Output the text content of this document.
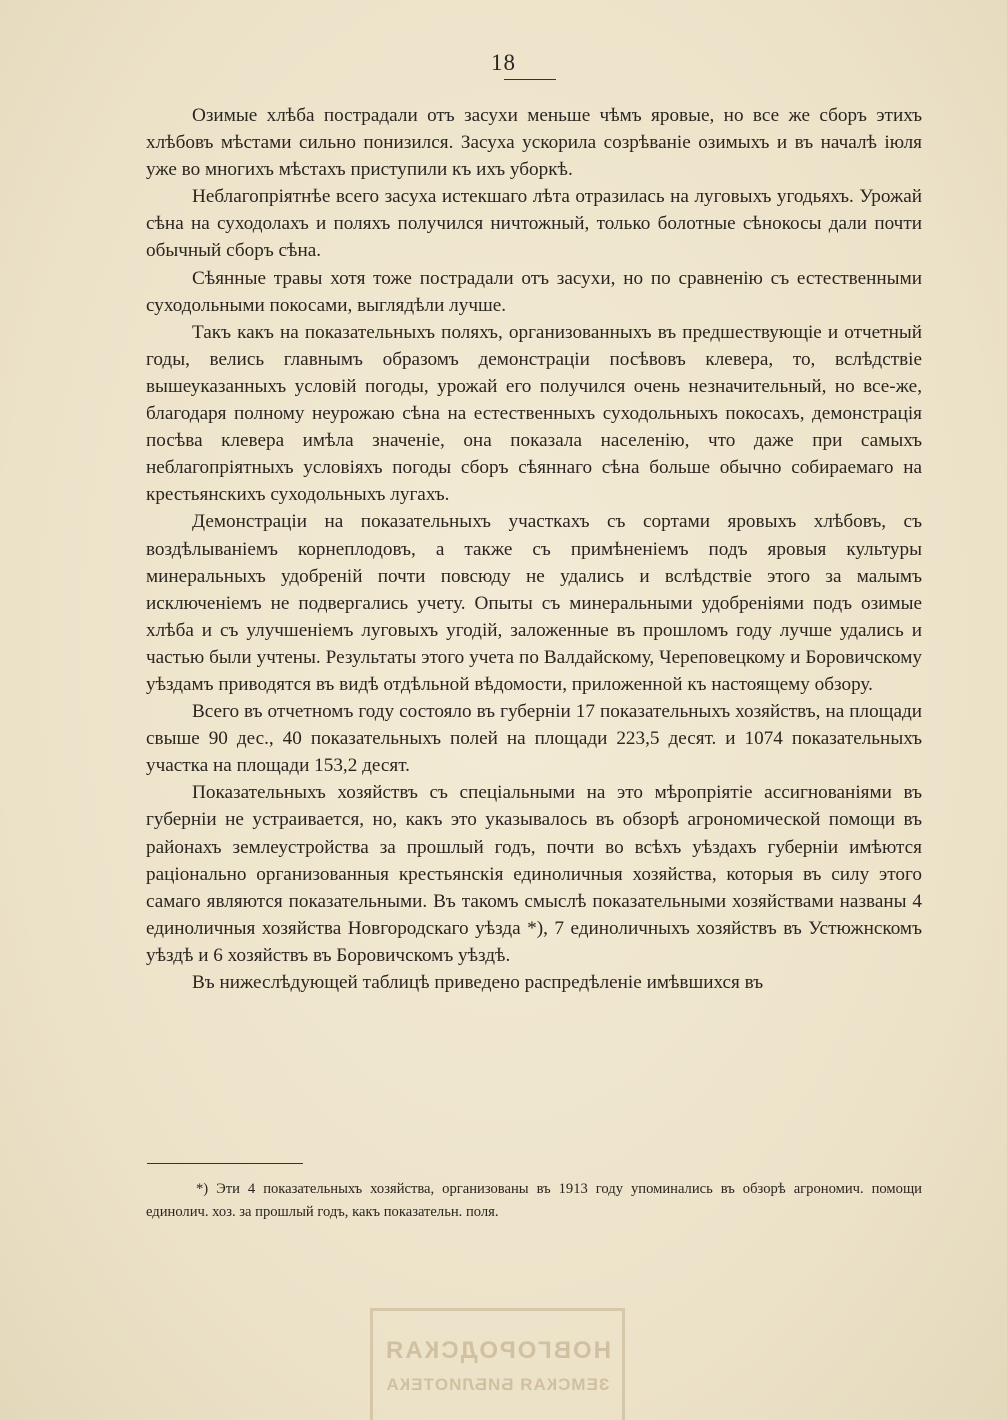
18

Озимые хлѣба пострадали отъ засухи меньше чѣмъ яровые, но все же сборъ этихъ хлѣбовъ мѣстами сильно понизился. Засуха ускорила созрѣваніе озимыхъ и въ началѣ іюля уже во многихъ мѣстахъ приступили къ ихъ уборкѣ.

Неблагопріятнѣе всего засуха истекшаго лѣта отразилась на луговыхъ угодьяхъ. Урожай сѣна на суходолахъ и поляхъ получился ничтожный, только болотные сѣнокосы дали почти обычный сборъ сѣна.

Сѣянные травы хотя тоже пострадали отъ засухи, но по сравненію съ естественными суходольными покосами, выглядѣли лучше.

Такъ какъ на показательныхъ поляхъ, организованныхъ въ предшествующіе и отчетный годы, велись главнымъ образомъ демонстраціи посѣвовъ клевера, то, вслѣдствіе вышеуказанныхъ условій погоды, урожай его получился очень незначительный, но все-же, благодаря полному неурожаю сѣна на естественныхъ суходольныхъ покосахъ, демонстрація посѣва клевера имѣла значеніе, она показала населенію, что даже при самыхъ неблагопріятныхъ условіяхъ погоды сборъ сѣяннаго сѣна больше обычно собираемаго на крестьянскихъ суходольныхъ лугахъ.

Демонстраціи на показательныхъ участкахъ съ сортами яровыхъ хлѣбовъ, съ воздѣлываніемъ корнеплодовъ, а также съ примѣненіемъ подъ яровыя культуры минеральныхъ удобреній почти повсюду не удались и вслѣдствіе этого за малымъ исключеніемъ не подвергались учету. Опыты съ минеральными удобреніями подъ озимые хлѣба и съ улучшеніемъ луговыхъ угодій, заложенные въ прошломъ году лучше удались и частью были учтены. Результаты этого учета по Валдайскому, Череповецкому и Боровичскому уѣздамъ приводятся въ видѣ отдѣльной вѣдомости, приложенной къ настоящему обзору.

Всего въ отчетномъ году состояло въ губерніи 17 показательныхъ хозяйствъ, на площади свыше 90 дес., 40 показательныхъ полей на площади 223,5 десят. и 1074 показательныхъ участка на площади 153,2 десят.

Показательныхъ хозяйствъ съ спеціальными на это мѣропріятіе ассигнованіями въ губерніи не устраивается, но, какъ это указывалось въ обзорѣ агрономической помощи въ районахъ землеустройства за прошлый годъ, почти во всѣхъ уѣздахъ губерніи имѣются раціонально организованныя крестьянскія единоличныя хозяйства, которыя въ силу этого самаго являются показательными. Въ такомъ смыслѣ показательными хозяйствами названы 4 единоличныя хозяйства Новгородскаго уѣзда *), 7 единоличныхъ хозяйствъ въ Устюжнскомъ уѣздѣ и 6 хозяйствъ въ Боровичскомъ уѣздѣ.

Въ нижеслѣдующей таблицѣ приведено распредѣленіе имѣвшихся въ

*) Эти 4 показательныхъ хозяйства, организованы въ 1913 году упоминались въ обзорѣ агрономич. помощи единолич. хоз. за прошлый годъ, какъ показательн. поля.
НОВГОРОДСКАЯ
ЗЕМСКАЯ БИБЛИОТЕКА
